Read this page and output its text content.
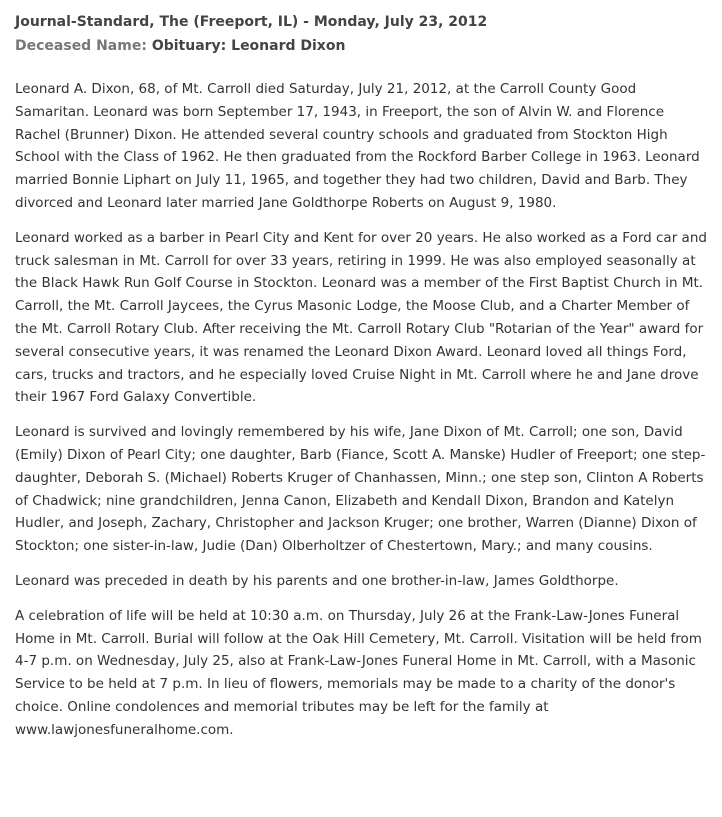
Journal-Standard, The (Freeport, IL) - Monday, July 23, 2012

Deceased Name: Obituary: Leonard Dixon

Leonard A. Dixon, 68, of Mt. Carroll died Saturday, July 21, 2012, at the Carroll County Good Samaritan. Leonard was born September 17, 1943, in Freeport, the son of Alvin W. and Florence Rachel (Brunner) Dixon. He attended several country schools and graduated from Stockton High School with the Class of 1962. He then graduated from the Rockford Barber College in 1963. Leonard married Bonnie Liphart on July 11, 1965, and together they had two children, David and Barb. They divorced and Leonard later married Jane Goldthorpe Roberts on August 9, 1980.

Leonard worked as a barber in Pearl City and Kent for over 20 years. He also worked as a Ford car and truck salesman in Mt. Carroll for over 33 years, retiring in 1999. He was also employed seasonally at the Black Hawk Run Golf Course in Stockton. Leonard was a member of the First Baptist Church in Mt. Carroll, the Mt. Carroll Jaycees, the Cyrus Masonic Lodge, the Moose Club, and a Charter Member of the Mt. Carroll Rotary Club. After receiving the Mt. Carroll Rotary Club "Rotarian of the Year" award for several consecutive years, it was renamed the Leonard Dixon Award. Leonard loved all things Ford, cars, trucks and tractors, and he especially loved Cruise Night in Mt. Carroll where he and Jane drove their 1967 Ford Galaxy Convertible.

Leonard is survived and lovingly remembered by his wife, Jane Dixon of Mt. Carroll; one son, David (Emily) Dixon of Pearl City; one daughter, Barb (Fiance, Scott A. Manske) Hudler of Freeport; one step-daughter, Deborah S. (Michael) Roberts Kruger of Chanhassen, Minn.; one step son, Clinton A Roberts of Chadwick; nine grandchildren, Jenna Canon, Elizabeth and Kendall Dixon, Brandon and Katelyn Hudler, and Joseph, Zachary, Christopher and Jackson Kruger; one brother, Warren (Dianne) Dixon of Stockton; one sister-in-law, Judie (Dan) Olberholtzer of Chestertown, Mary.; and many cousins.

Leonard was preceded in death by his parents and one brother-in-law, James Goldthorpe.

A celebration of life will be held at 10:30 a.m. on Thursday, July 26 at the Frank-Law-Jones Funeral Home in Mt. Carroll. Burial will follow at the Oak Hill Cemetery, Mt. Carroll. Visitation will be held from 4-7 p.m. on Wednesday, July 25, also at Frank-Law-Jones Funeral Home in Mt. Carroll, with a Masonic Service to be held at 7 p.m. In lieu of flowers, memorials may be made to a charity of the donor's choice. Online condolences and memorial tributes may be left for the family at www.lawjonesfuneralhome.com.
